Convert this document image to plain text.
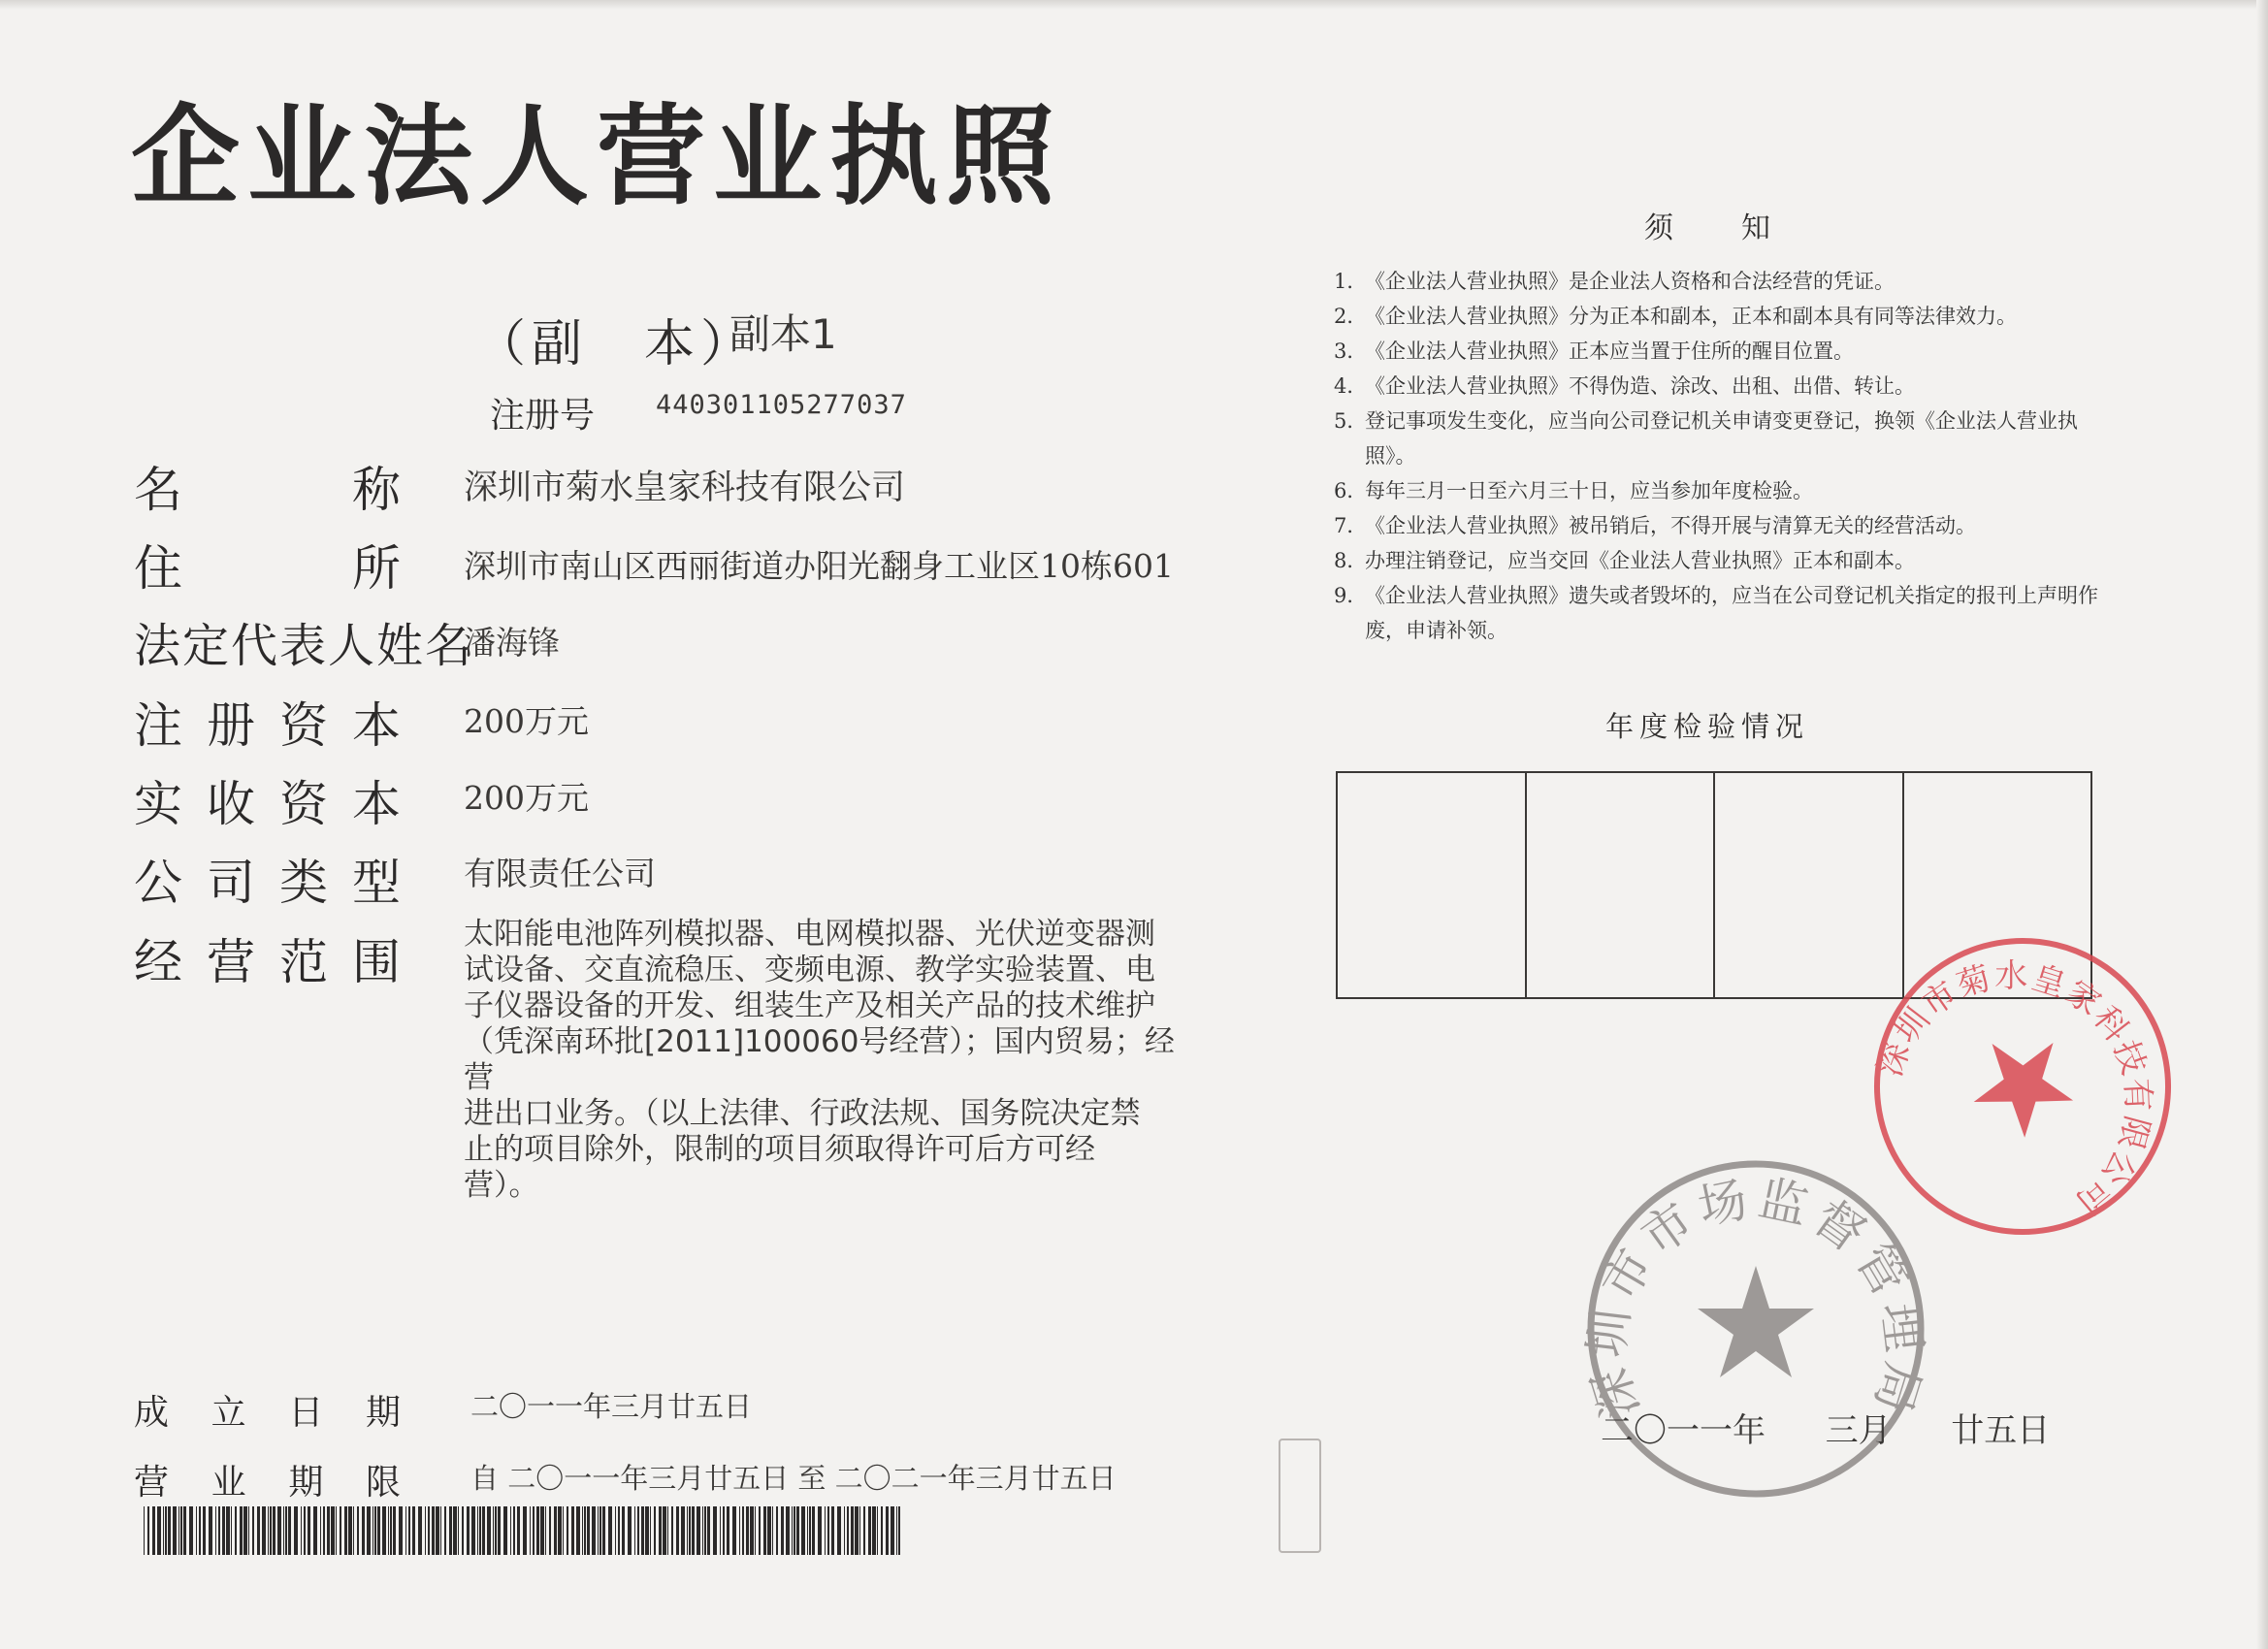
企业法人营业执照
（副　本）
副本1
注册号 440301105277037
名	称 深圳市菊水皇家科技有限公司
住	所 深圳市南山区西丽街道办阳光翻身工业区10栋601
法定代表人姓名
潘海锋
注 册 资 本 200万元
实 收 资 本 200万元
公 司 类 型 有限责任公司
经 营 范 围 太阳能电池阵列模拟器、电网模拟器、光伏逆变器测
试设备、交直流稳压、变频电源、教学实验装置、电
子仪器设备的开发、组装生产及相关产品的技术维护
（凭深南环批[2011]100060号经营）；国内贸易；经营
进出口业务。（以上法律、行政法规、国务院决定禁
止的项目除外，限制的项目须取得许可后方可经
营）。
成 立 日 期 二〇一一年三月廿五日
营 业 期 限 自 二〇一一年三月廿五日 至 二〇二一年三月廿五日
须知
1．
《企业法人营业执照》是企业法人资格和合法经营的凭证。
2．
《企业法人营业执照》分为正本和副本，正本和副本具有同等法律效力。
3．
《企业法人营业执照》正本应当置于住所的醒目位置。
4．
《企业法人营业执照》不得伪造、涂改、出租、出借、转让。
5．
登记事项发生变化，应当向公司登记机关申请变更登记，换领《企业法人营业执照》。
6．
每年三月一日至六月三十日，应当参加年度检验。
7．
《企业法人营业执照》被吊销后，不得开展与清算无关的经营活动。
8．
办理注销登记，应当交回《企业法人营业执照》正本和副本。
9．
《企业法人营业执照》遗失或者毁坏的，应当在公司登记机关指定的报刊上声明作废，申请补领。
年度检验情况
深圳市市场监督管理局
深圳市菊水皇家科技有限公司
二〇一一年 三月 廿五日
